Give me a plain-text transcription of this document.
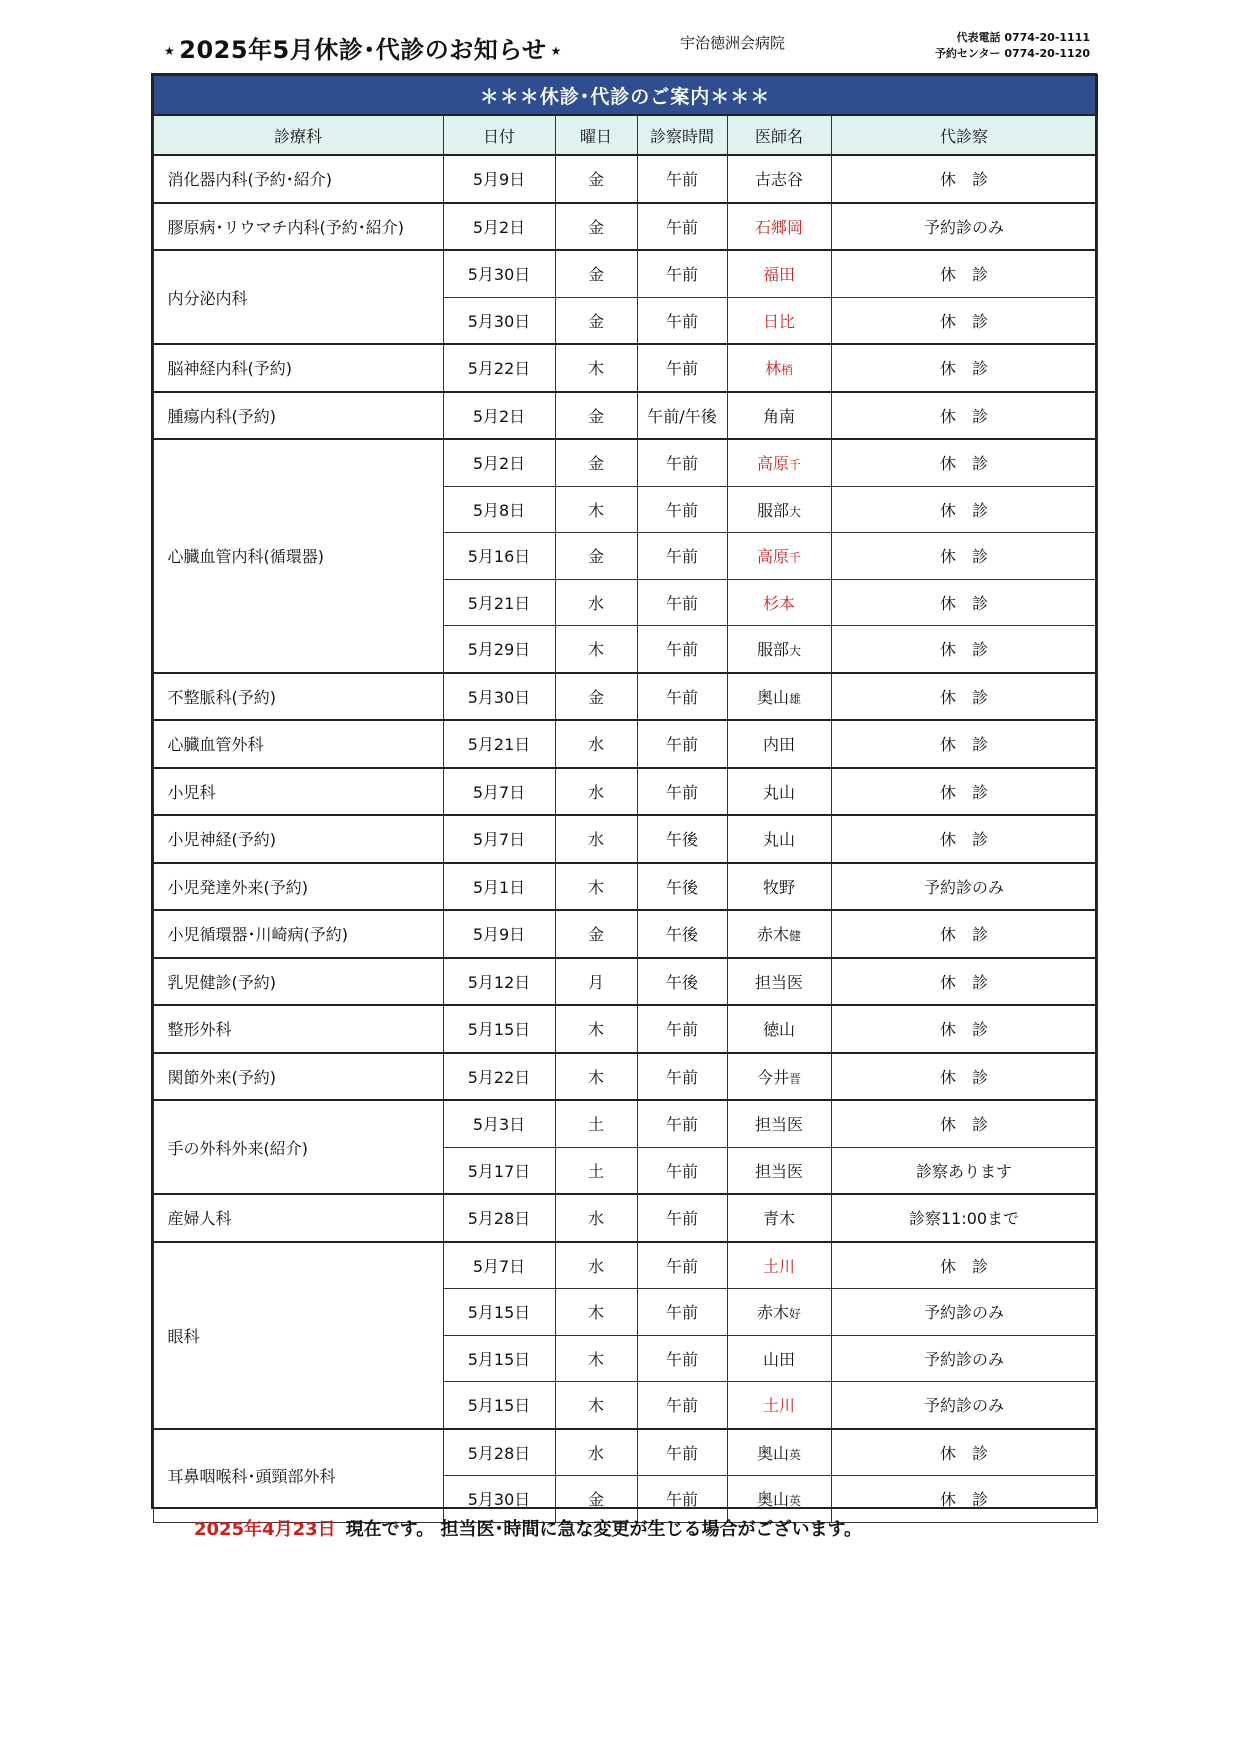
★ 2025年5月休診･代診のお知らせ ★	宇治徳洲会病院	代表電話 0774-20-1111
予約センター 0774-20-1120
＊＊＊休診･代診のご案内＊＊＊					
診療科	日付	曜日	診察時間	医師名	代診察
消化器内科(予約･紹介)	5月9日	金	午前	古志谷	休　診
膠原病･リウマチ内科(予約･紹介)	5月2日	金	午前	石郷岡	予約診のみ
内分泌内科	5月30日	金	午前	福田	休　診
	5月30日	金	午前	日比	休　診
脳神経内科(予約)	5月22日	木	午前	林梢	休　診
腫瘍内科(予約)	5月2日	金	午前/午後	角南	休　診
心臓血管内科(循環器)	5月2日	金	午前	高原千	休　診
	5月8日	木	午前	服部大	休　診
	5月16日	金	午前	高原千	休　診
	5月21日	水	午前	杉本	休　診
	5月29日	木	午前	服部大	休　診
不整脈科(予約)	5月30日	金	午前	奥山雄	休　診
心臓血管外科	5月21日	水	午前	内田	休　診
小児科	5月7日	水	午前	丸山	休　診
小児神経(予約)	5月7日	水	午後	丸山	休　診
小児発達外来(予約)	5月1日	木	午後	牧野	予約診のみ
小児循環器･川崎病(予約)	5月9日	金	午後	赤木健	休　診
乳児健診(予約)	5月12日	月	午後	担当医	休　診
整形外科	5月15日	木	午前	徳山	休　診
関節外来(予約)	5月22日	木	午前	今井晋	休　診
手の外科外来(紹介)	5月3日	土	午前	担当医	休　診
	5月17日	土	午前	担当医	診察あります
産婦人科	5月28日	水	午前	青木	診察11:00まで
眼科	5月7日	水	午前	土川	休　診
	5月15日	木	午前	赤木好	予約診のみ
	5月15日	木	午前	山田	予約診のみ
	5月15日	木	午前	土川	予約診のみ
耳鼻咽喉科･頭頸部外科	5月28日	水	午前	奥山英	休　診
	5月30日	金	午前	奥山英	休　診
2025年4月23日 現在です。 担当医･時間に急な変更が生じる場合がございます。
